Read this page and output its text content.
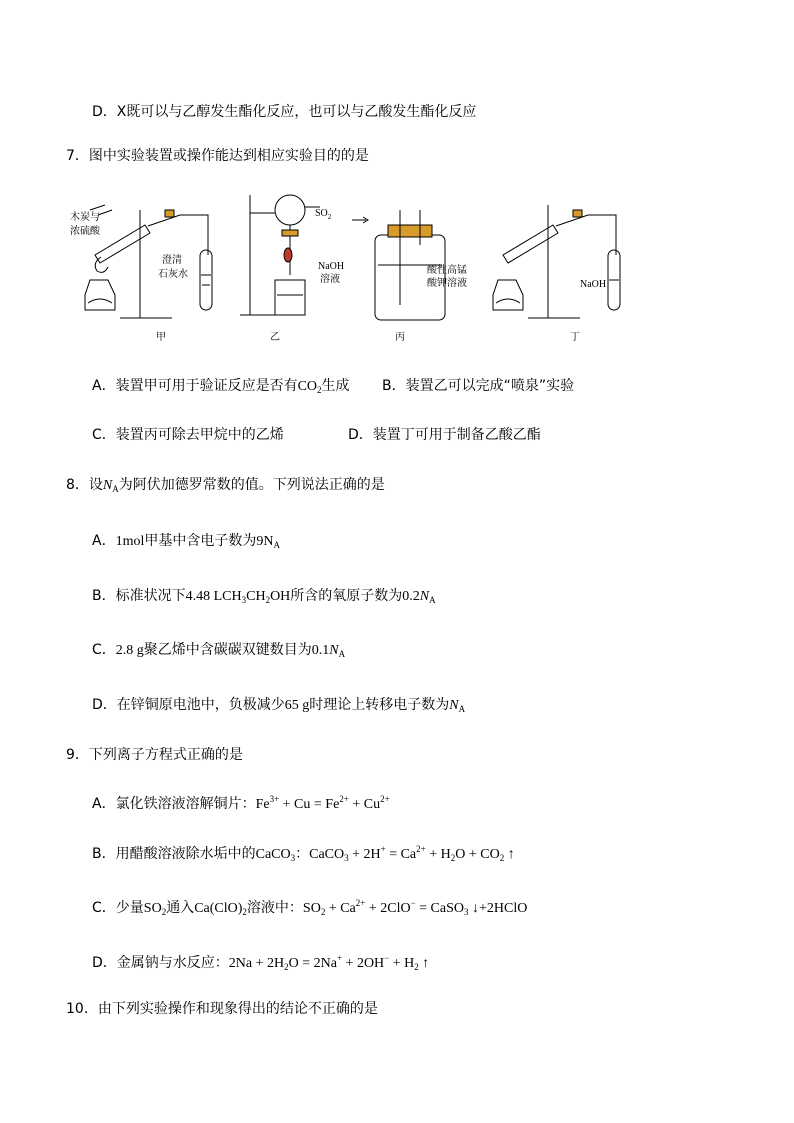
D．X既可以与乙醇发生酯化反应，也可以与乙酸发生酯化反应
7．图中实验装置或操作能达到相应实验目的的是
木炭与
浓硫酸
澄清
石灰水
$SO_2$
NaOH
溶液
酸性高锰
酸钾溶液	NaOH
甲	乙	丙	丁
A．装置甲可用于验证反应是否有$CO_2$生成 B．装置乙可以完成“喷泉”实验
C．装置丙可除去甲烷中的乙烯	D．装置丁可用于制备乙酸乙酯
8．设$N_A$为阿伏加德罗常数的值。下列说法正确的是
A．1mol甲基中含电子数为$9N_A$
B．标准状况下4.48 $LCH_3CH_2OH$所含的氧原子数为$0.2N_A$
C．2.8 g聚乙烯中含碳碳双键数目为$0.1N_A$
D．在锌铜原电池中，负极减少65 g时理论上转移电子数为$N_A$
9．下列离子方程式正确的是
A．氯化铁溶液溶解铜片：$Fe^{3+} + Cu = Fe^{2+} + Cu^{2+}$
B．用醋酸溶液除水垢中的CaCO$_3$：CaCO$_3$ + $2H^+ = Ca^{2+} + H_2O + CO_2$ ↑
C．少量$SO_2$通入$Ca(ClO)_2$溶液中：$SO_2 + Ca^{2+} + 2ClO^-$ = CaSO$_3$ ↓+2HClO
D．金属钠与水反应：$2Na + 2H_2O = 2Na^+ + 2OH^- + H_2$ ↑
10．由下列实验操作和现象得出的结论不正确的是
